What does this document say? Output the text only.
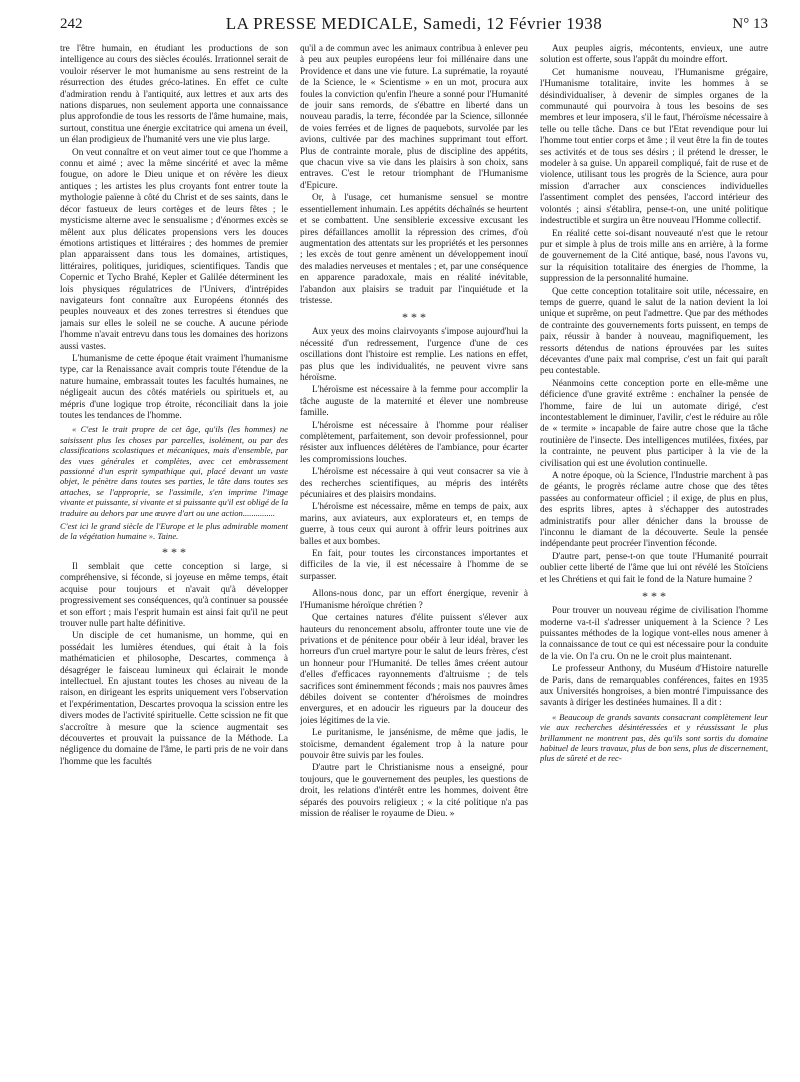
242	LA PRESSE MEDICALE, Samedi, 12 Février 1938	N° 13

tre l'être humain, en étudiant les productions de son intelligence au cours des siècles écoulés. Irrationnel serait de vouloir réserver le mot humanisme au sens restreint de la résurrection des études gréco-latines. En effet ce culte d'admiration rendu à l'antiquité, aux lettres et aux arts des nations disparues, non seulement apporta une connaissance plus approfondie de tous les ressorts de l'âme humaine, mais, surtout, constitua une énergie excitatrice qui amena un éveil, un élan prodigieux de l'humanité vers une vie plus large.

On veut connaître et on veut aimer tout ce que l'homme a connu et aimé ; avec la même sincérité et avec la même fougue, on adore le Dieu unique et on révère les dieux antiques ; les artistes les plus croyants font entrer toute la mythologie païenne à côté du Christ et de ses saints, dans le décor fastueux de leurs cortèges et de leurs fêtes ; le mysticisme alterne avec le sensualisme ; d'énormes excès se mêlent aux plus délicates propensions vers les douces émotions artistiques et littéraires ; des hommes de premier plan apparaissent dans tous les domaines, artistiques, littéraires, politiques, juridiques, scientifiques. Tandis que Copernic et Tycho Brahé, Kepler et Galilée déterminent les lois physiques régulatrices de l'Univers, d'intrépides navigateurs font connaître aux Européens étonnés des peuples nouveaux et des zones terrestres si étendues que jamais sur elles le soleil ne se couche. A aucune période l'homme n'avait entrevu dans tous les domaines des horizons aussi vastes.

L'humanisme de cette époque était vraiment l'humanisme type, car la Renaissance avait compris toute l'étendue de la nature humaine, embrassait toutes les facultés humaines, ne négligeait aucun des côtés matériels ou spirituels et, au mépris d'une logique trop étroite, réconciliait dans la joie toutes les tendances de l'homme.

« C'est le trait propre de cet âge, qu'ils (les hommes) ne saisissent plus les choses par parcelles, isolément, ou par des classifications scolastiques et mécaniques, mais d'ensemble, par des vues générales et complètes, avec cet embrassement passionné d'un esprit sympathique qui, placé devant un vaste objet, le pénètre dans toutes ses parties, le tâte dans toutes ses attaches, se l'approprie, se l'assimile, s'en imprime l'image vivante et puissante, si vivante et si puissante qu'il est obligé de la traduire au dehors par une œuvre d'art ou une action...............

C'est ici le grand siècle de l'Europe et le plus admirable moment de la végétation humaine ». Taine.

* * *

Il semblait que cette conception si large, si compréhensive, si féconde, si joyeuse en même temps, était acquise pour toujours et n'avait qu'à développer progressivement ses conséquences, qu'à continuer sa poussée et son effort ; mais l'esprit humain est ainsi fait qu'il ne peut trouver nulle part halte définitive.

Un disciple de cet humanisme, un homme, qui en possédait les lumières étendues, qui était à la fois mathématicien et philosophe, Descartes, commença à désagréger le faisceau lumineux qui éclairait le monde intellectuel. En ajustant toutes les choses au niveau de la raison, en dirigeant les esprits uniquement vers l'observation et l'expérimentation, Descartes provoqua la scission entre les divers modes de l'activité spirituelle. Cette scission ne fit que s'accroître à mesure que la science augmentait ses découvertes et prouvait la puissance de la Méthode. La négligence du domaine de l'âme, le parti pris de ne voir dans l'homme que les facultés

qu'il a de commun avec les animaux contribua à enlever peu à peu aux peuples européens leur foi millénaire dans une Providence et dans une vie future. La suprématie, la royauté de la Science, le « Scientisme » en un mot, procura aux foules la conviction qu'enfin l'heure a sonné pour l'Humanité de jouir sans remords, de s'ébattre en liberté dans un nouveau paradis, la terre, fécondée par la Science, sillonnée de voies ferrées et de lignes de paquebots, survolée par les avions, cultivée par des machines supprimant tout effort. Plus de contrainte morale, plus de discipline des appétits, que chacun vive sa vie dans les plaisirs à son choix, sans entraves. C'est le retour triomphant de l'Humanisme d'Epicure.

Or, à l'usage, cet humanisme sensuel se montre essentiellement inhumain. Les appétits déchaînés se heurtent et se combattent. Une sensiblerie excessive excusant les pires défaillances amollit la répression des crimes, d'où augmentation des attentats sur les propriétés et les personnes ; les excès de tout genre amènent un développement inouï des maladies nerveuses et mentales ; et, par une conséquence en apparence paradoxale, mais en réalité inévitable, l'abandon aux plaisirs se traduit par l'inquiétude et la tristesse.

* * *

Aux yeux des moins clairvoyants s'impose aujourd'hui la nécessité d'un redressement, l'urgence d'une de ces oscillations dont l'histoire est remplie. Les nations en effet, pas plus que les individualités, ne peuvent vivre sans héroïsme.

L'héroïsme est nécessaire à la femme pour accomplir la tâche auguste de la maternité et élever une nombreuse famille.

L'héroïsme est nécessaire à l'homme pour réaliser complètement, parfaitement, son devoir professionnel, pour résister aux influences délétères de l'ambiance, pour écarter les compromissions louches.

L'héroïsme est nécessaire à qui veut consacrer sa vie à des recherches scientifiques, au mépris des intérêts pécuniaires et des plaisirs mondains.

L'héroïsme est nécessaire, même en temps de paix, aux marins, aux aviateurs, aux explorateurs et, en temps de guerre, à tous ceux qui auront à offrir leurs poitrines aux balles et aux bombes.

En fait, pour toutes les circonstances importantes et difficiles de la vie, il est nécessaire à l'homme de se surpasser.

Allons-nous donc, par un effort énergique, revenir à l'Humanisme héroïque chrétien ?

Que certaines natures d'élite puissent s'élever aux hauteurs du renoncement absolu, affronter toute une vie de privations et de pénitence pour obéir à leur idéal, braver les horreurs d'un cruel martyre pour le salut de leurs frères, c'est un honneur pour l'Humanité. De telles âmes créent autour d'elles d'efficaces rayonnements d'altruisme ; de tels sacrifices sont éminemment féconds ; mais nos pauvres âmes débiles doivent se contenter d'héroïsmes de moindres envergures, et en adoucir les rigueurs par la douceur des joies légitimes de la vie.

Le puritanisme, le jansénisme, de même que jadis, le stoïcisme, demandent également trop à la nature pour pouvoir être suivis par les foules.

D'autre part le Christianisme nous a enseigné, pour toujours, que le gouvernement des peuples, les questions de droit, les relations d'intérêt entre les hommes, doivent être séparés des pouvoirs religieux ; « la cité politique n'a pas mission de réaliser le royaume de Dieu. »

Aux peuples aigris, mécontents, envieux, une autre solution est offerte, sous l'appât du moindre effort.

Cet humanisme nouveau, l'Humanisme grégaire, l'Humanisme totalitaire, invite les hommes à se désindividualiser, à devenir de simples organes de la communauté qui pourvoira à tous les besoins de ses membres et leur imposera, s'il le faut, l'héroïsme nécessaire à telle ou telle tâche. Dans ce but l'Etat revendique pour lui l'homme tout entier corps et âme ; il veut être la fin de toutes ses activités et de tous ses désirs ; il prétend le dresser, le modeler à sa guise. Un appareil compliqué, fait de ruse et de violence, utilisant tous les progrès de la Science, aura pour mission d'arracher aux consciences individuelles l'assentiment complet des pensées, l'accord intérieur des volontés ; ainsi s'établira, pense-t-on, une unité politique indestructible et surgira un être nouveau l'Homme collectif.

En réalité cette soi-disant nouveauté n'est que le retour pur et simple à plus de trois mille ans en arrière, à la forme de gouvernement de la Cité antique, basé, nous l'avons vu, sur la réquisition totalitaire des énergies de l'homme, la suppression de la personnalité humaine.

Que cette conception totalitaire soit utile, nécessaire, en temps de guerre, quand le salut de la nation devient la loi unique et suprême, on peut l'admettre. Que par des méthodes de contrainte des gouvernements forts puissent, en temps de paix, réussir à bander à nouveau, magnifiquement, les ressorts détendus de nations éprouvées par les suites décevantes d'une paix mal comprise, c'est un fait qui paraît peu contestable.

Néanmoins cette conception porte en elle-même une déficience d'une gravité extrême : enchaîner la pensée de l'homme, faire de lui un automate dirigé, c'est incontestablement le diminuer, l'avilir, c'est le réduire au rôle de « termite » incapable de faire autre chose que la tâche routinière de l'insecte. Des intelligences mutilées, fixées, par la contrainte, ne peuvent plus participer à la vie de la civilisation qui est une évolution continuelle.

A notre époque, où la Science, l'Industrie marchent à pas de géants, le progrès réclame autre chose que des têtes passées au conformateur officiel ; il exige, de plus en plus, des esprits libres, aptes à s'échapper des autostrades administratifs pour aller dénicher dans la brousse de l'inconnu le diamant de la découverte. Seule la pensée indépendante peut procréer l'invention féconde.

D'autre part, pense-t-on que toute l'Humanité pourrait oublier cette liberté de l'âme que lui ont révélé les Stoïciens et les Chrétiens et qui fait le fond de la Nature humaine ?

* * *

Pour trouver un nouveau régime de civilisation l'homme moderne va-t-il s'adresser uniquement à la Science ? Les puissantes méthodes de la logique vont-elles nous amener à la connaissance de tout ce qui est nécessaire pour la conduite de la vie. On l'a cru. On ne le croit plus maintenant.

Le professeur Anthony, du Muséum d'Histoire naturelle de Paris, dans de remarquables conférences, faites en 1935 aux Universités hongroises, a bien montré l'impuissance des savants à diriger les destinées humaines. Il a dit :

« Beaucoup de grands savants consacrant complètement leur vie aux recherches désintéressées et y réussissant le plus brillamment ne montrent pas, dès qu'ils sont sortis du domaine habituel de leurs travaux, plus de bon sens, plus de discernement, plus de sûreté et de rec-
